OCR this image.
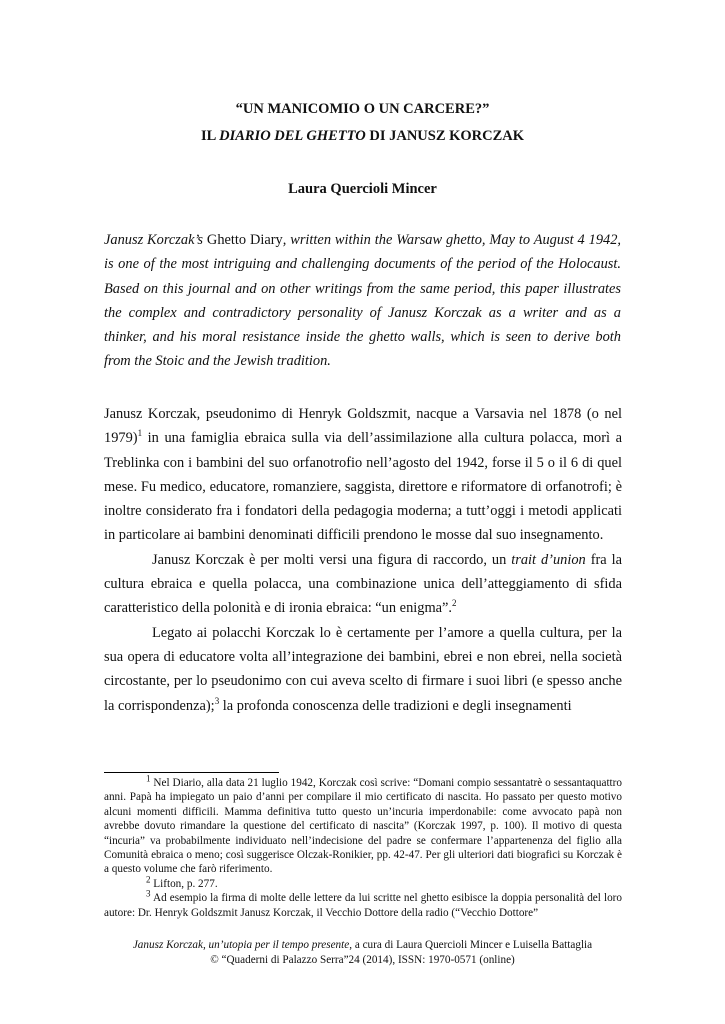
“UN MANICOMIO O UN CARCERE?”
IL DIARIO DEL GHETTO DI JANUSZ KORCZAK
Laura Quercioli Mincer
Janusz Korczak’s Ghetto Diary, written within the Warsaw ghetto, May to August 4 1942, is one of the most intriguing and challenging documents of the period of the Holocaust. Based on this journal and on other writings from the same period, this paper illustrates the complex and contradictory personality of Janusz Korczak as a writer and as a thinker, and his moral resistance inside the ghetto walls, which is seen to derive both from the Stoic and the Jewish tradition.

Janusz Korczak, pseudonimo di Henryk Goldszmit, nacque a Varsavia nel 1878 (o nel 1979)$^1$ in una famiglia ebraica sulla via dell’assimilazione alla cultura polacca, morì a Treblinka con i bambini del suo orfanotrofio nell’agosto del 1942, forse il 5 o il 6 di quel mese. Fu medico, educatore, romanziere, saggista, direttore e riformatore di orfanotrofi; è inoltre considerato fra i fondatori della pedagogia moderna; a tutt’oggi i metodi applicati in particolare ai bambini denominati difficili prendono le mosse dal suo insegnamento.

Janusz Korczak è per molti versi una figura di raccordo, un trait d’union fra la cultura ebraica e quella polacca, una combinazione unica dell’atteggiamento di sfida caratteristico della polonità e di ironia ebraica: “un enigma”.$^2$

Legato ai polacchi Korczak lo è certamente per l’amore a quella cultura, per la sua opera di educatore volta all’integrazione dei bambini, ebrei e non ebrei, nella società circostante, per lo pseudonimo con cui aveva scelto di firmare i suoi libri (e spesso anche la corrispondenza);$^3$ la profonda conoscenza delle tradizioni e degli insegnamenti

$^1$ Nel Diario, alla data 21 luglio 1942, Korczak così scrive: “Domani compio sessantatrè o sessantaquattro anni. Papà ha impiegato un paio d’anni per compilare il mio certificato di nascita. Ho passato per questo motivo alcuni momenti difficili. Mamma definitiva tutto questo un’incuria imperdonabile: come avvocato papà non avrebbe dovuto rimandare la questione del certificato di nascita” (Korczak 1997, p. 100). Il motivo di questa “incuria” va probabilmente individuato nell’indecisione del padre se confermare l’appartenenza del figlio alla Comunità ebraica o meno; così suggerisce Olczak-Ronikier, pp. 42-47. Per gli ulteriori dati biografici su Korczak è a questo volume che farò riferimento.

$^2$ Lifton, p. 277.

$^3$ Ad esempio la firma di molte delle lettere da lui scritte nel ghetto esibisce la doppia personalità del loro autore: Dr. Henryk Goldszmit Janusz Korczak, il Vecchio Dottore della radio (“Vecchio Dottore”

Janusz Korczak, un’utopia per il tempo presente, a cura di Laura Quercioli Mincer e Luisella Battaglia
© “Quaderni di Palazzo Serra”24 (2014), ISSN: 1970-0571 (online)
